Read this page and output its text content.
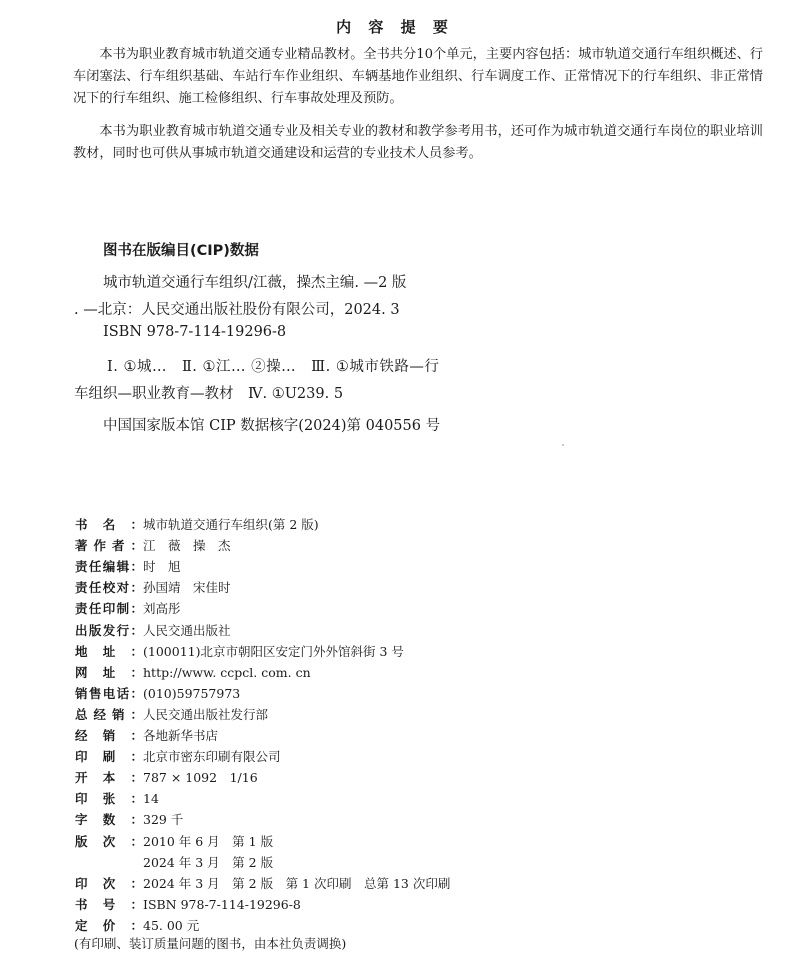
内 容 提 要
本书为职业教育城市轨道交通专业精品教材。全书共分10个单元，主要内容包括：城市轨道交通行车组织概述、行车闭塞法、行车组织基础、车站行车作业组织、车辆基地作业组织、行车调度工作、正常情况下的行车组织、非正常情况下的行车组织、施工检修组织、行车事故处理及预防。
本书为职业教育城市轨道交通专业及相关专业的教材和教学参考用书，还可作为城市轨道交通行车岗位的职业培训教材，同时也可供从事城市轨道交通建设和运营的专业技术人员参考。
图书在版编目(CIP)数据
城市轨道交通行车组织/江薇，操杰主编. —2 版
. —北京：人民交通出版社股份有限公司，2024. 3
ISBN 978-7-114-19296-8
Ⅰ. ①城…　Ⅱ. ①江… ②操…　Ⅲ. ①城市铁路—行
车组织—职业教育—教材　Ⅳ. ①U239. 5
中国国家版本馆 CIP 数据核字(2024)第 040556 号
书名：城市轨道交通行车组织(第 2 版)
著作者：江　薇　操　杰
责任编辑：时　旭
责任校对：孙国靖　宋佳时
责任印制：刘高彤
出版发行：人民交通出版社
地址：(100011)北京市朝阳区安定门外外馆斜街 3 号
网址：http://www. ccpcl. com. cn
销售电话：(010)59757973
总经销：人民交通出版社发行部
经销：各地新华书店
印刷：北京市密东印刷有限公司
开本：787 × 1092　1/16
印张：14
字数：329 千
版次：2010 年 6 月　第 1 版
2024 年 3 月　第 2 版
印次：2024 年 3 月　第 2 版　第 1 次印刷　总第 13 次印刷
书号：ISBN 978-7-114-19296-8
定价：45. 00 元
(有印刷、装订质量问题的图书，由本社负责调换)
